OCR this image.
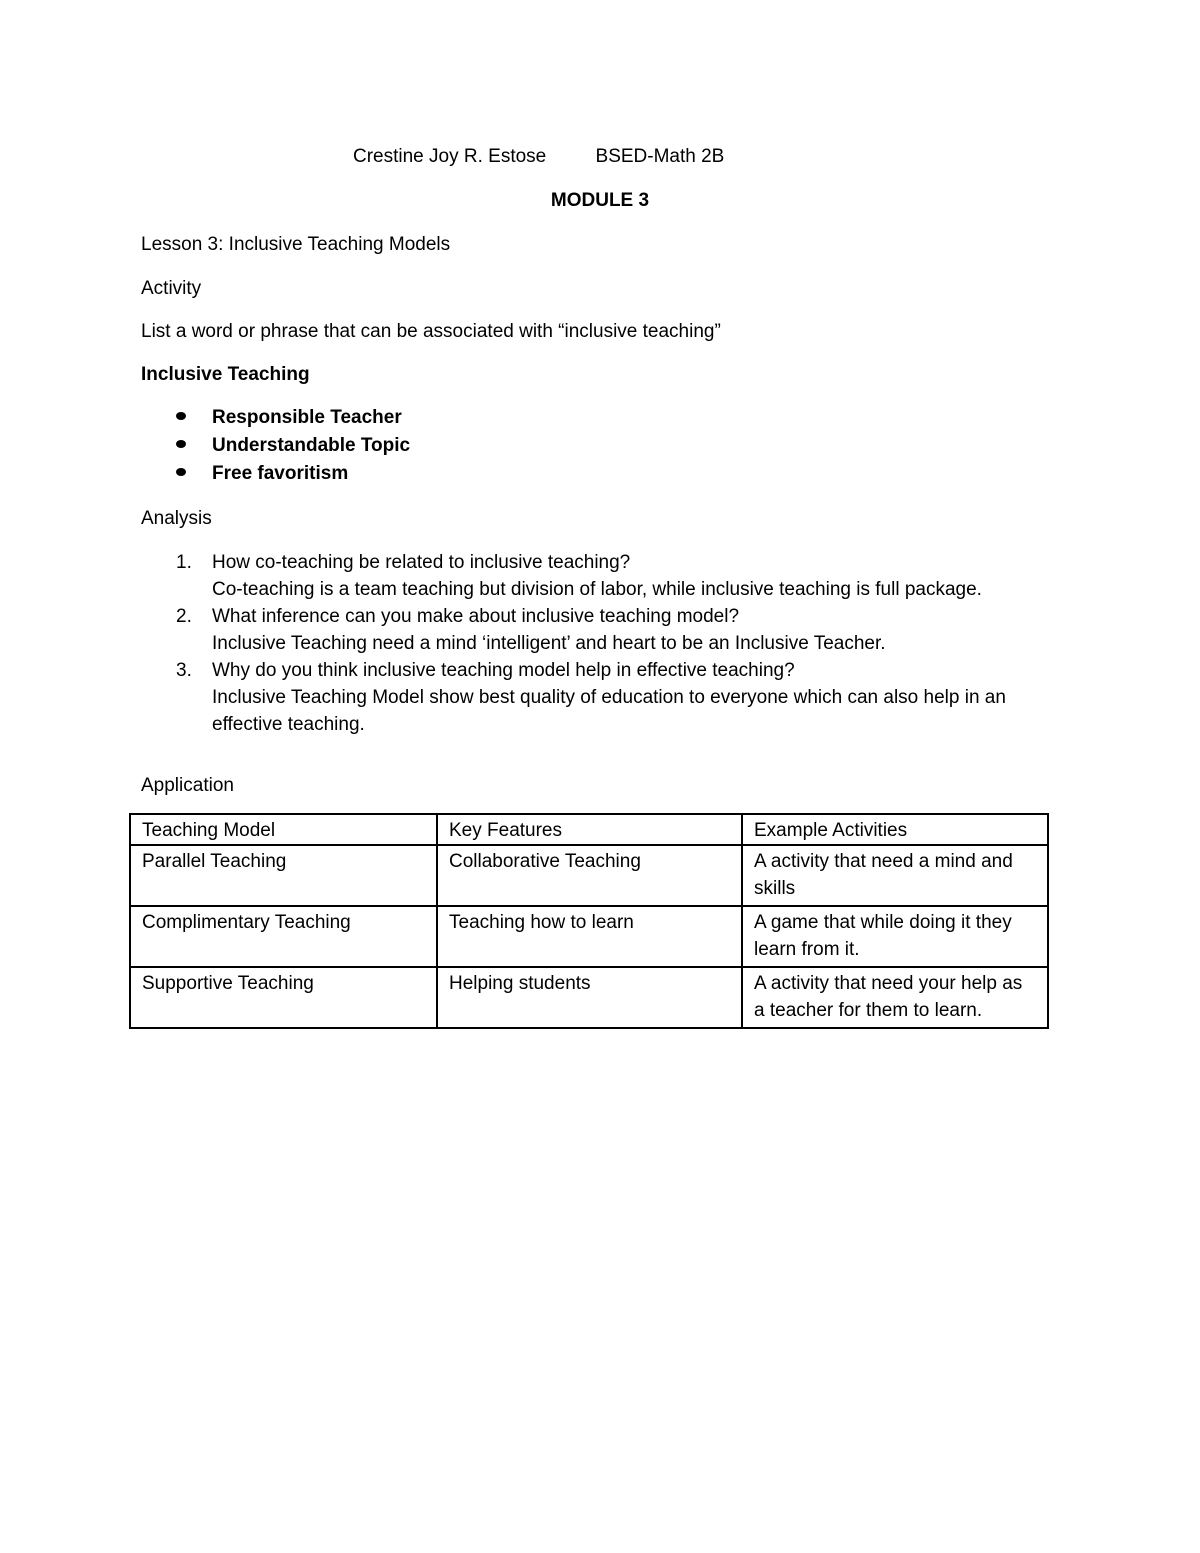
Crestine Joy R. Estose	BSED-Math 2B
MODULE 3
Lesson 3: Inclusive Teaching Models
Activity
List a word or phrase that can be associated with “inclusive teaching”
Inclusive Teaching
Responsible Teacher
Understandable Topic
Free favoritism
Analysis
1. How co-teaching be related to inclusive teaching?
Co-teaching is a team teaching but division of labor, while inclusive teaching is full package.
2. What inference can you make about inclusive teaching model?
Inclusive Teaching need a mind ‘intelligent’ and heart to be an Inclusive Teacher.
3. Why do you think inclusive teaching model help in effective teaching?
Inclusive Teaching Model show best quality of education to everyone which can also help in an effective teaching.
Application
Teaching Model	Key Features	Example Activities
Parallel Teaching	Collaborative Teaching	A activity that need a mind and skills
Complimentary Teaching	Teaching how to learn	A game that while doing it they learn from it.
Supportive Teaching	Helping students	A activity that need your help as a teacher for them to learn.
